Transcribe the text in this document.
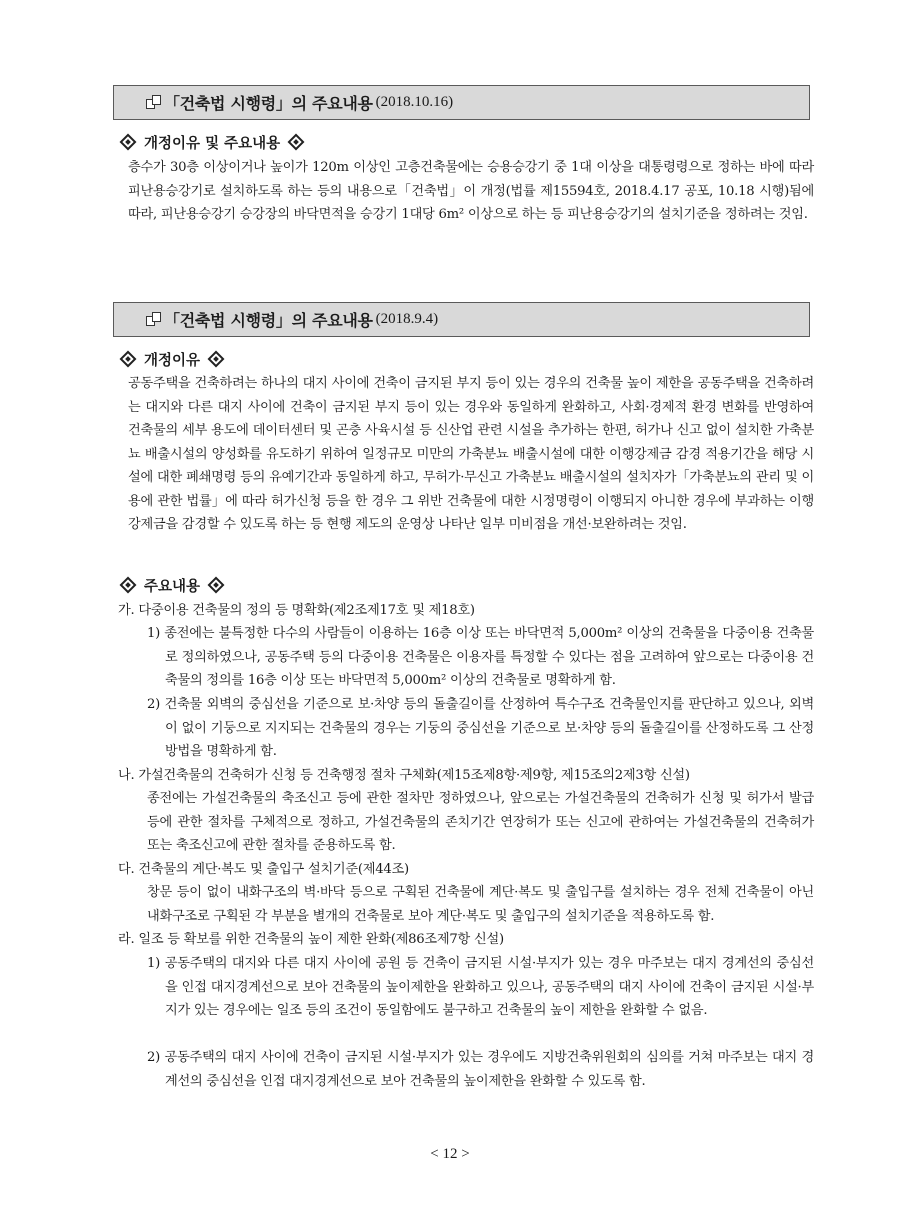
「건축법 시행령」의 주요내용 (2018.10.16)
개정이유 및 주요내용
층수가 30층 이상이거나 높이가 120m 이상인 고층건축물에는 승용승강기 중 1대 이상을 대통령령으로 정하는 바에 따라 피난용승강기로 설치하도록 하는 등의 내용으로「건축법」이 개정(법률 제15594호, 2018.4.17 공포, 10.18 시행)됨에 따라, 피난용승강기 승강장의 바닥면적을 승강기 1대당 6m² 이상으로 하는 등 피난용승강기의 설치기준을 정하려는 것임.
「건축법 시행령」의 주요내용 (2018.9.4)
개정이유
공동주택을 건축하려는 하나의 대지 사이에 건축이 금지된 부지 등이 있는 경우의 건축물 높이 제한을 공동주택을 건축하려는 대지와 다른 대지 사이에 건축이 금지된 부지 등이 있는 경우와 동일하게 완화하고, 사회·경제적 환경 변화를 반영하여 건축물의 세부 용도에 데이터센터 및 곤충 사육시설 등 신산업 관련 시설을 추가하는 한편, 허가나 신고 없이 설치한 가축분뇨 배출시설의 양성화를 유도하기 위하여 일정규모 미만의 가축분뇨 배출시설에 대한 이행강제금 감경 적용기간을 해당 시설에 대한 폐쇄명령 등의 유예기간과 동일하게 하고, 무허가·무신고 가축분뇨 배출시설의 설치자가「가축분뇨의 관리 및 이용에 관한 법률」에 따라 허가신청 등을 한 경우 그 위반 건축물에 대한 시정명령이 이행되지 아니한 경우에 부과하는 이행강제금을 감경할 수 있도록 하는 등 현행 제도의 운영상 나타난 일부 미비점을 개선·보완하려는 것임.
주요내용
가. 다중이용 건축물의 정의 등 명확화(제2조제17호 및 제18호)
1) 종전에는 불특정한 다수의 사람들이 이용하는 16층 이상 또는 바닥면적 5,000m² 이상의 건축물을 다중이용 건축물로 정의하였으나, 공동주택 등의 다중이용 건축물은 이용자를 특정할 수 있다는 점을 고려하여 앞으로는 다중이용 건축물의 정의를 16층 이상 또는 바닥면적 5,000m² 이상의 건축물로 명확하게 함.
2) 건축물 외벽의 중심선을 기준으로 보·차양 등의 돌출길이를 산정하여 특수구조 건축물인지를 판단하고 있으나, 외벽이 없이 기둥으로 지지되는 건축물의 경우는 기둥의 중심선을 기준으로 보·차양 등의 돌출길이를 산정하도록 그 산정방법을 명확하게 함.
나. 가설건축물의 건축허가 신청 등 건축행정 절차 구체화(제15조제8항·제9항, 제15조의2제3항 신설)
종전에는 가설건축물의 축조신고 등에 관한 절차만 정하였으나, 앞으로는 가설건축물의 건축허가 신청 및 허가서 발급 등에 관한 절차를 구체적으로 정하고, 가설건축물의 존치기간 연장허가 또는 신고에 관하여는 가설건축물의 건축허가 또는 축조신고에 관한 절차를 준용하도록 함.
다. 건축물의 계단·복도 및 출입구 설치기준(제44조)
창문 등이 없이 내화구조의 벽·바닥 등으로 구획된 건축물에 계단·복도 및 출입구를 설치하는 경우 전체 건축물이 아닌 내화구조로 구획된 각 부분을 별개의 건축물로 보아 계단·복도 및 출입구의 설치기준을 적용하도록 함.
라. 일조 등 확보를 위한 건축물의 높이 제한 완화(제86조제7항 신설)
1) 공동주택의 대지와 다른 대지 사이에 공원 등 건축이 금지된 시설·부지가 있는 경우 마주보는 대지 경계선의 중심선을 인접 대지경계선으로 보아 건축물의 높이제한을 완화하고 있으나, 공동주택의 대지 사이에 건축이 금지된 시설·부지가 있는 경우에는 일조 등의 조건이 동일함에도 불구하고 건축물의 높이 제한을 완화할 수 없음.
2) 공동주택의 대지 사이에 건축이 금지된 시설·부지가 있는 경우에도 지방건축위원회의 심의를 거쳐 마주보는 대지 경계선의 중심선을 인접 대지경계선으로 보아 건축물의 높이제한을 완화할 수 있도록 함.
< 12 >
